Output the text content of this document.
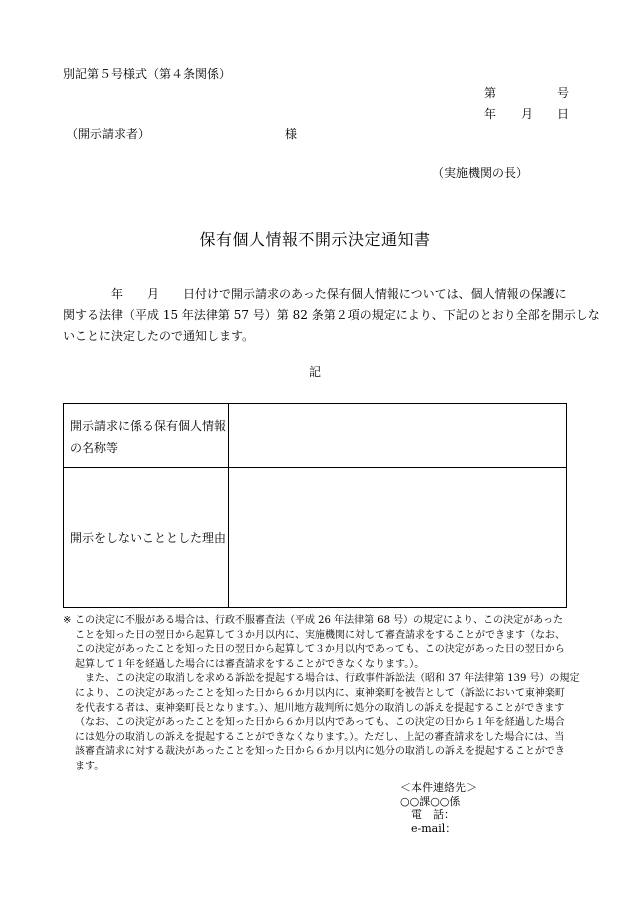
別記第５号様式（第４条関係）
第	号
年 月 日
（開示請求者）	様
（実施機関の長）
保有個人情報不開示決定通知書
　　　　年　　月　　日付けで開示請求のあった保有個人情報については、個人情報の保護に
関する法律（平成 15 年法律第 57 号）第 82 条第２項の規定により、下記のとおり全部を開示しな
いことに決定したので通知します。
記
開示請求に係る保有個人情報
の名称等
開示をしないこととした理由
※ この決定に不服がある場合は、行政不服審査法（平成 26 年法律第 68 号）の規定により、この決定があった
ことを知った日の翌日から起算して３か月以内に、実施機関に対して審査請求をすることができます（なお、
この決定があったことを知った日の翌日から起算して３か月以内であっても、この決定があった日の翌日から
起算して１年を経過した場合には審査請求をすることができなくなります。）。
　また、この決定の取消しを求める訴訟を提起する場合は、行政事件訴訟法（昭和 37 年法律第 139 号）の規定
により、この決定があったことを知った日から６か月以内に、東神楽町を被告として（訴訟において東神楽町
を代表する者は、東神楽町長となります。）、旭川地方裁判所に処分の取消しの訴えを提起することができます
（なお、この決定があったことを知った日から６か月以内であっても、この決定の日から１年を経過した場合
には処分の取消しの訴えを提起することができなくなります。）。ただし、上記の審査請求をした場合には、当
該審査請求に対する裁決があったことを知った日から６か月以内に処分の取消しの訴えを提起することができ
ます。
＜本件連絡先＞
○○課○○係
　電　話：
　e-mail：
